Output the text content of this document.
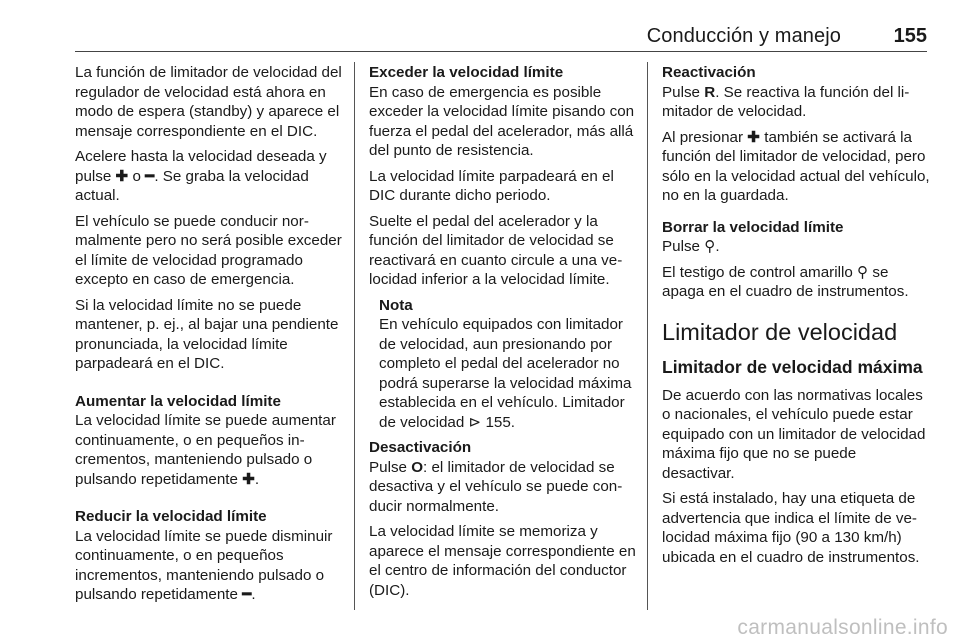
Conducción y manejo	155

La función de limitador de velocidad del regulador de velocidad está ahora en modo de espera (standby) y aparece el mensaje correspondiente en el DIC.

Acelere hasta la velocidad deseada y pulse ✚ o ━. Se graba la velocidad actual.

El vehículo se puede conducir normalmente pero no será posible exceder el límite de velocidad programado excepto en caso de emergencia.

Si la velocidad límite no se puede mantener, p. ej., al bajar una pendiente pronunciada, la velocidad límite parpadeará en el DIC.

Aumentar la velocidad límite

La velocidad límite se puede aumentar continuamente, o en pequeños incrementos, manteniendo pulsado o pulsando repetidamente ✚.

Reducir la velocidad límite

La velocidad límite se puede disminuir continuamente, o en pequeños incrementos, manteniendo pulsado o pulsando repetidamente ━.

Exceder la velocidad límite

En caso de emergencia es posible exceder la velocidad límite pisando con fuerza el pedal del acelerador, más allá del punto de resistencia.

La velocidad límite parpadeará en el DIC durante dicho periodo.

Suelte el pedal del acelerador y la función del limitador de velocidad se reactivará en cuanto circule a una velocidad inferior a la velocidad límite.

Nota

En vehículo equipados con limitador de velocidad, aun presionando por completo el pedal del acelerador no podrá superarse la velocidad máxima establecida en el vehículo. Limitador de velocidad ⊳ 155.

Desactivación

Pulse O: el limitador de velocidad se desactiva y el vehículo se puede conducir normalmente.

La velocidad límite se memoriza y aparece el mensaje correspondiente en el centro de información del conductor (DIC).

Reactivación

Pulse R. Se reactiva la función del limitador de velocidad.

Al presionar ✚ también se activará la función del limitador de velocidad, pero sólo en la velocidad actual del vehículo, no en la guardada.

Borrar la velocidad límite

Pulse ⚲.

El testigo de control amarillo ⚲ se apaga en el cuadro de instrumentos.

Limitador de velocidad

Limitador de velocidad máxima

De acuerdo con las normativas locales o nacionales, el vehículo puede estar equipado con un limitador de velocidad máxima fijo que no se puede desactivar.

Si está instalado, hay una etiqueta de advertencia que indica el límite de velocidad máxima fijo (90 a 130 km/h) ubicada en el cuadro de instrumentos.

carmanualsonline.info
